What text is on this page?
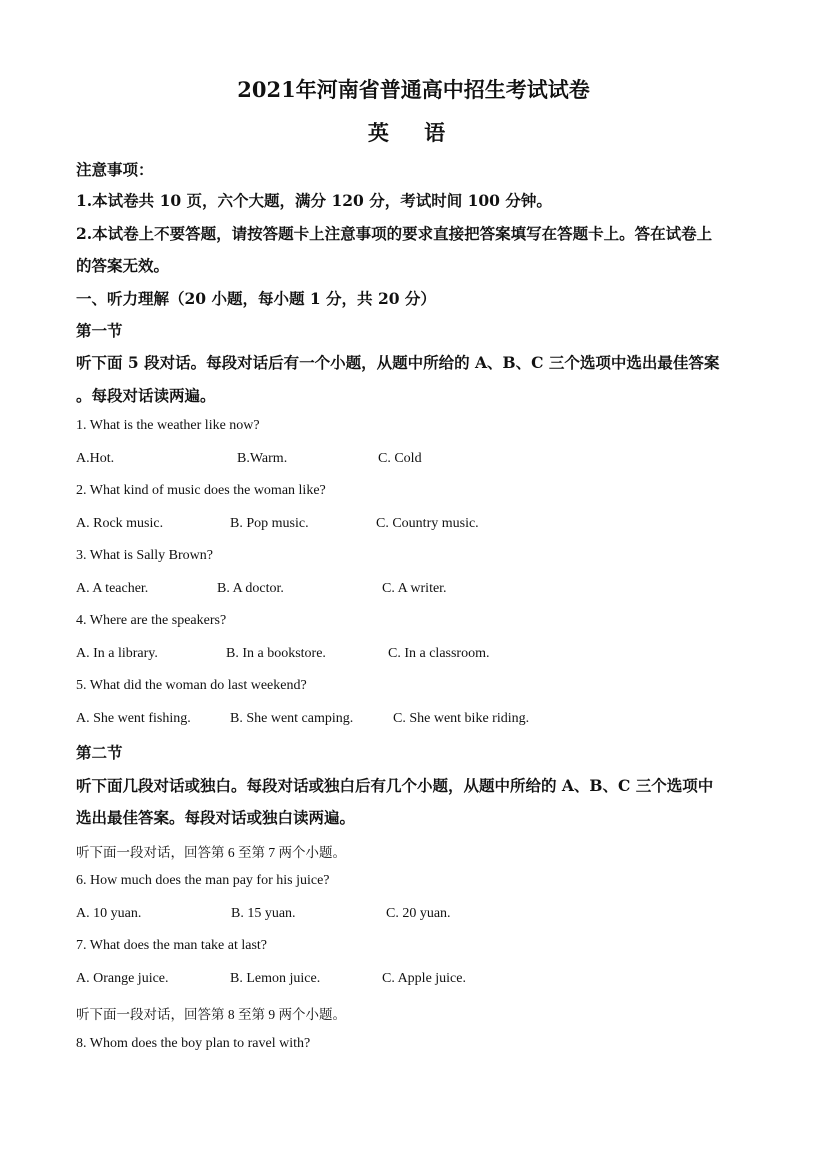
2021年河南省普通高中招生考试试卷
英 语
注意事项：
1.本试卷共 10 页，六个大题，满分 120 分，考试时间 100 分钟。
2.本试卷上不要答题，请按答题卡上注意事项的要求直接把答案填写在答题卡上。答在试卷上
的答案无效。
一、听力理解（20 小题，每小题 1 分，共 20 分）
第一节
听下面 5 段对话。每段对话后有一个小题，从题中所给的 A、B、C 三个选项中选出最佳答案
。每段对话读两遍。
1. What is the weather like now?
A.Hot.	B.Warm.	C. Cold
2. What kind of music does the woman like?
A. Rock music.	B. Pop music.	C. Country music.
3. What is Sally Brown?
A. A teacher.	B. A doctor.	C. A writer.
4. Where are the speakers?
A. In a library.	B. In a bookstore.	C. In a classroom.
5. What did the woman do last weekend?
A. She went fishing.	B. She went camping.	C. She went bike riding.
第二节
听下面几段对话或独白。每段对话或独白后有几个小题，从题中所给的 A、B、C 三个选项中
选出最佳答案。每段对话或独白读两遍。
听下面一段对话，回答第 6 至第 7 两个小题。
6. How much does the man pay for his juice?
A. 10 yuan.	B. 15 yuan.	C. 20 yuan.
7. What does the man take at last?
A. Orange juice.	B. Lemon juice.	C. Apple juice.
听下面一段对话，回答第 8 至第 9 两个小题。
8. Whom does the boy plan to ravel with?
